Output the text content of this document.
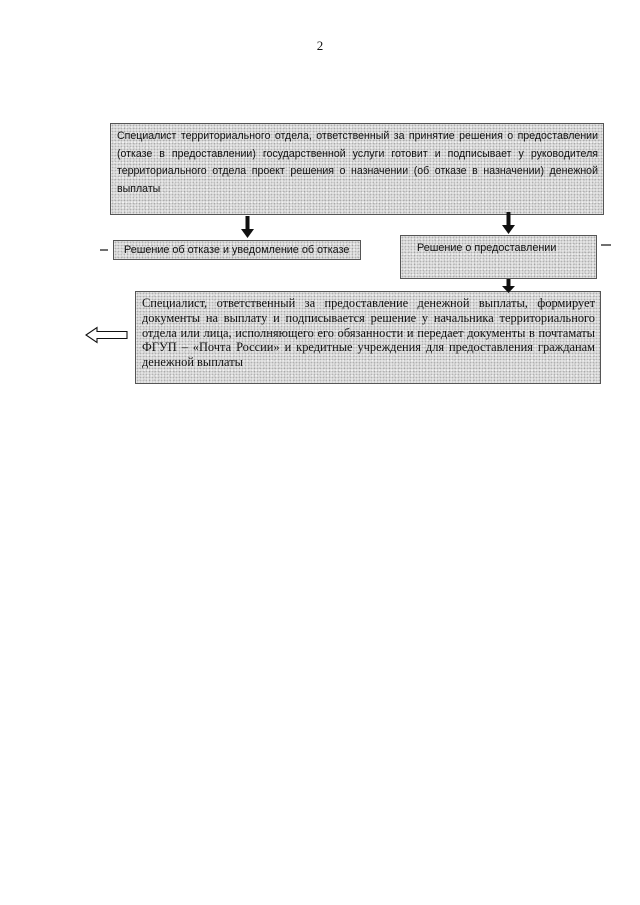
2
Специалист территориального отдела, ответственный за принятие решения о предоставлении (отказе в предоставлении) государственной услуги готовит и подписывает у руководителя территориального отдела проект решения о назначении (об отказе в назначении) денежной выплаты
Решение об отказе и уведомление об отказе	Решение о предоставлении
Специалист, ответственный за предоставление денежной выплаты, формирует документы на выплату и подписывается решение у начальника территориального отдела или лица, исполняющего его обязанности и передает документы в почтаматы ФГУП – «Почта России» и кредитные учреждения для предоставления гражданам денежной выплаты
